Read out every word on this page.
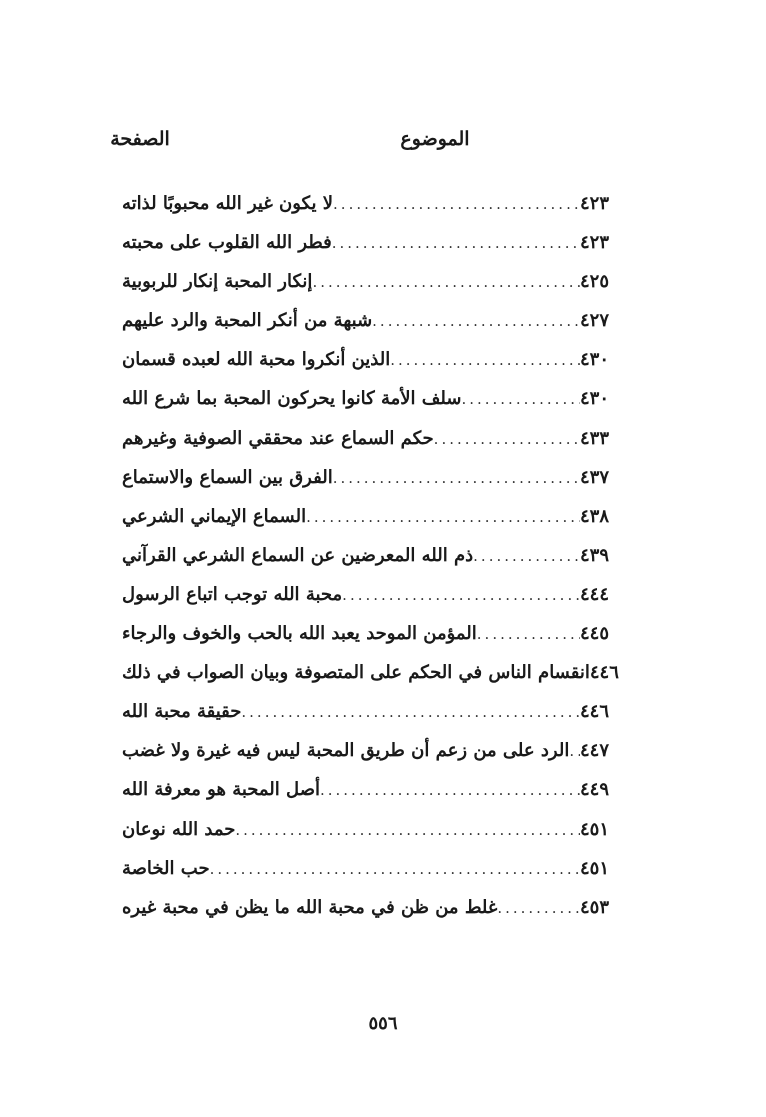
الموضوع
الصفحة
لا يكون غير الله محبوبًا لذاته .....	٤٢٣
فطر الله القلوب على محبته .....	٤٢٣
إنكار المحبة إنكار للربوبية .....	٤٢٥
شبهة من أنكر المحبة والرد عليهم .....	٤٢٧
الذين أنكروا محبة الله لعبده قسمان .....	٤٣٠
سلف الأمة كانوا يحركون المحبة بما شرع الله .....	٤٣٠
حكم السماع عند محققي الصوفية وغيرهم .....	٤٣٣
الفرق بين السماع والاستماع .....	٤٣٧
السماع الإيماني الشرعي .....	٤٣٨
ذم الله المعرضين عن السماع الشرعي القرآني .....	٤٣٩
محبة الله توجب اتباع الرسول .....	٤٤٤
المؤمن الموحد يعبد الله بالحب والخوف والرجاء .....	٤٤٥
انقسام الناس في الحكم على المتصوفة وبيان الصواب في ذلك ٤٤٦
حقيقة محبة الله .....	٤٤٦
الرد على من زعم أن طريق المحبة ليس فيه غيرة ولا غضب ..... ٤٤٧
أصل المحبة هو معرفة الله .....	٤٤٩
حمد الله نوعان .....	٤٥١
حب الخاصة .....	٤٥١
غلط من ظن في محبة الله ما يظن في محبة غيره .....	٤٥٣
٥٥٦
